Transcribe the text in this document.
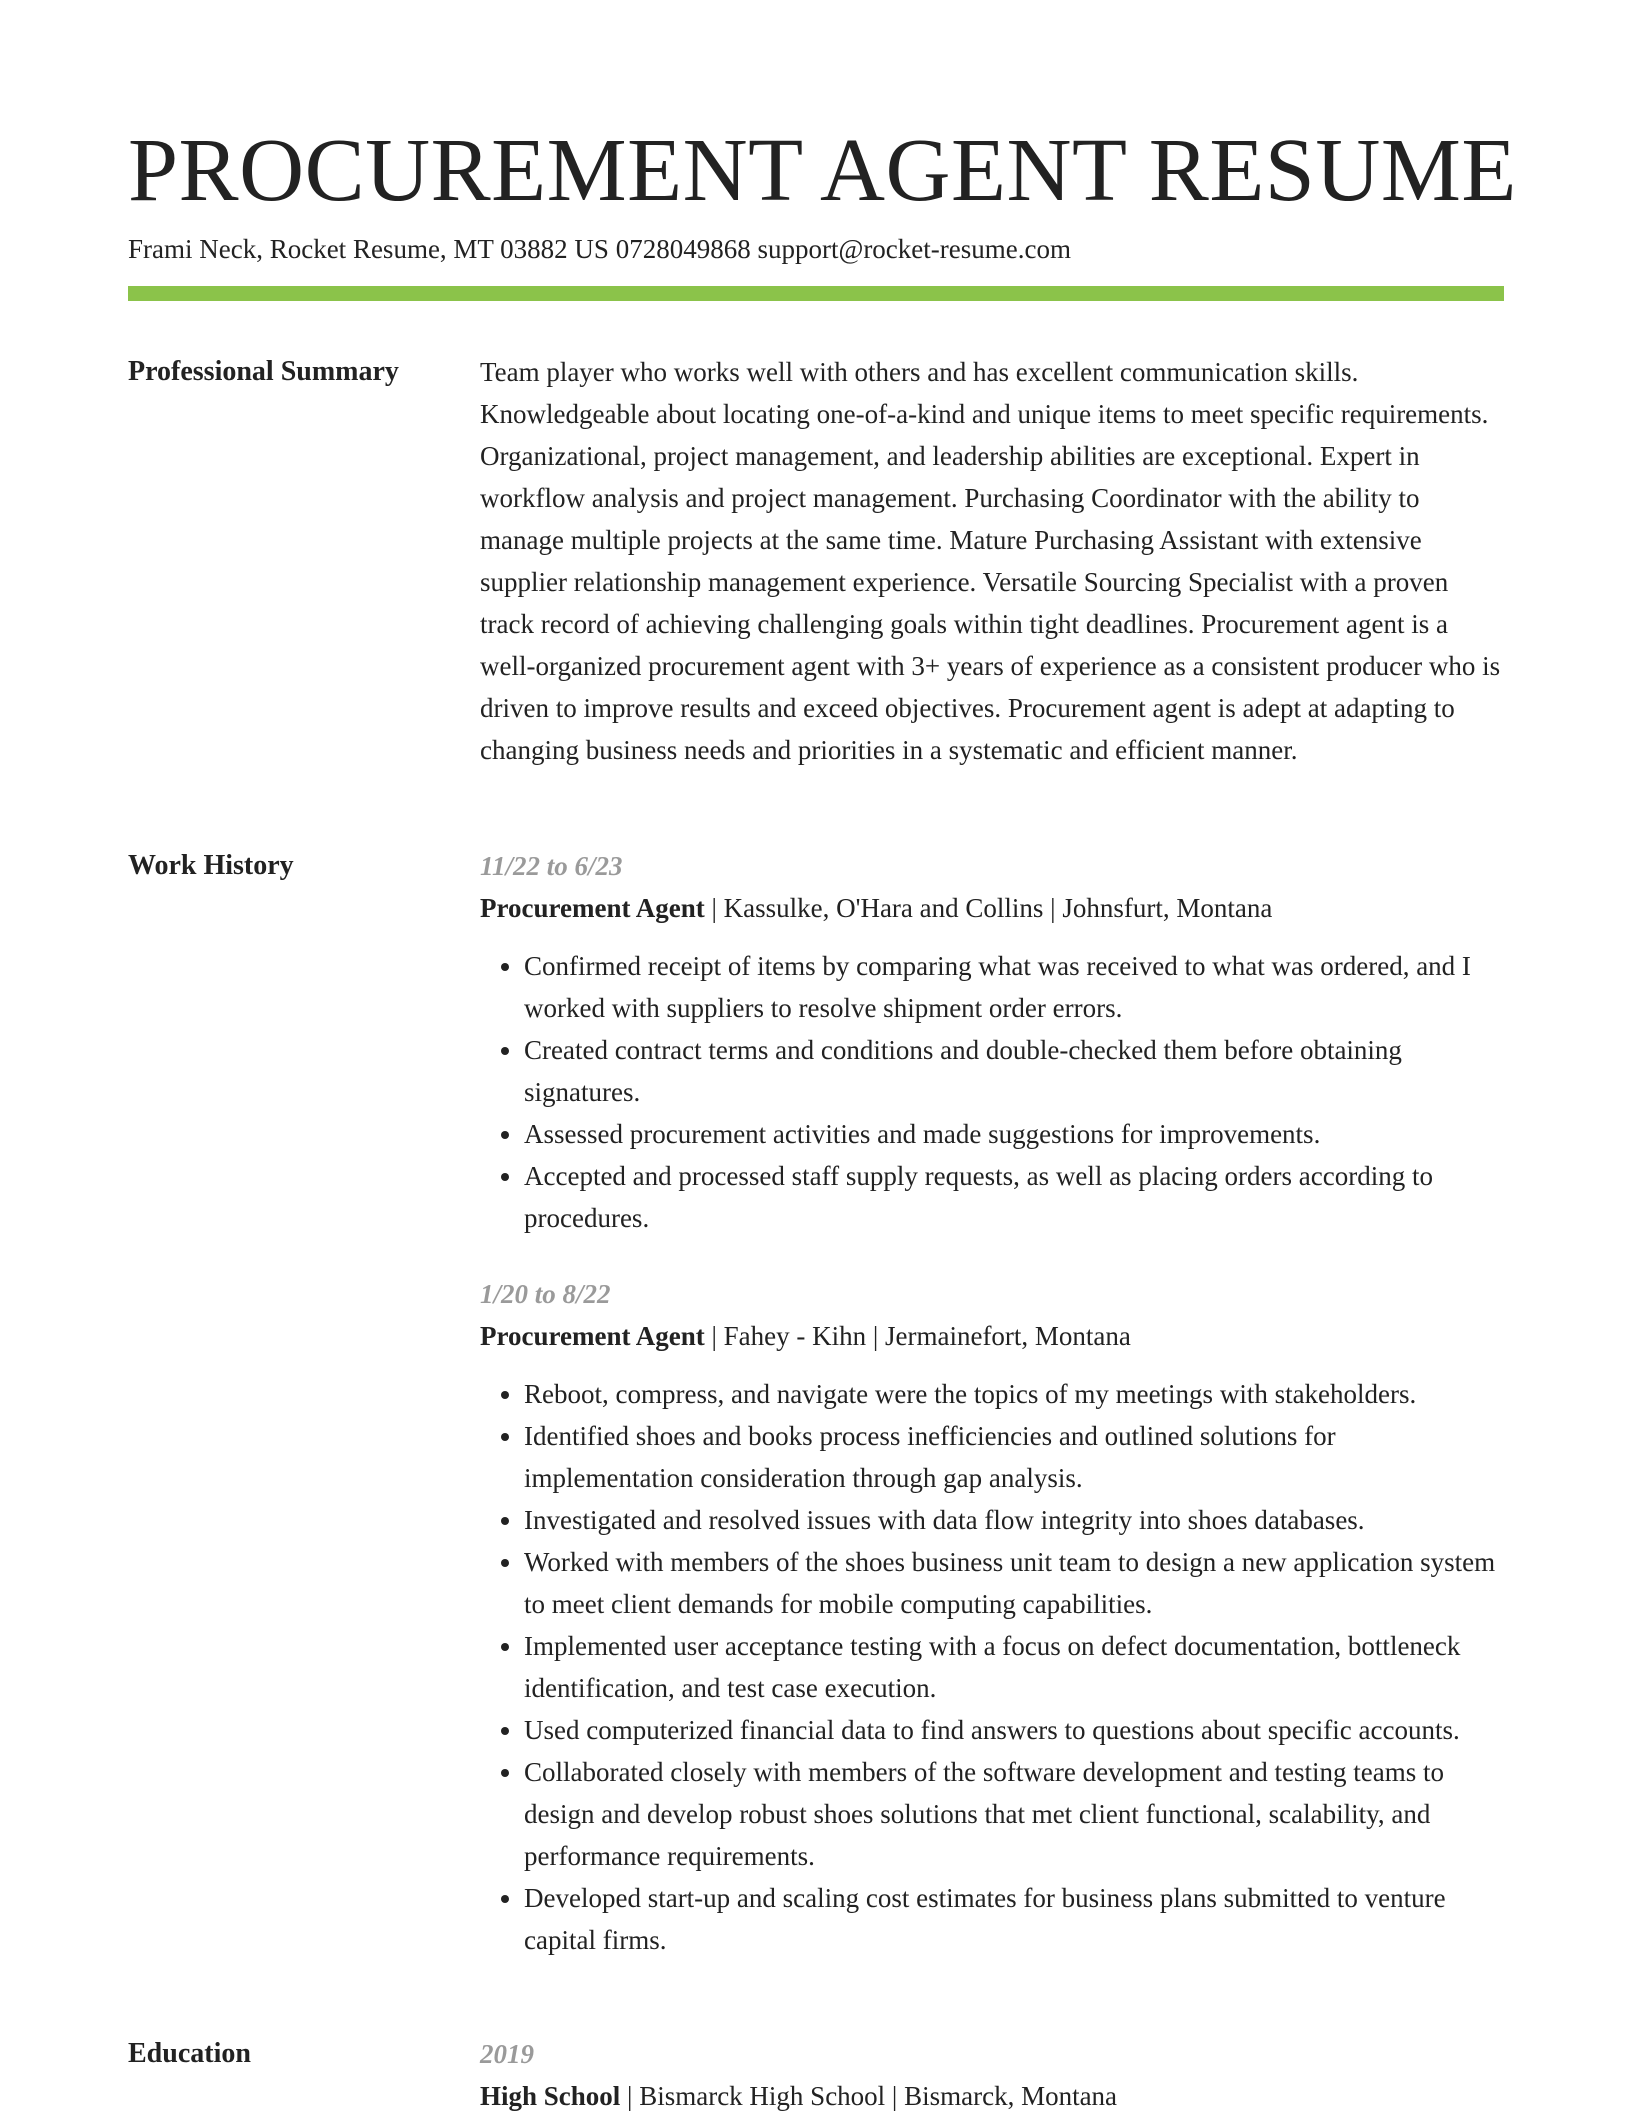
PROCUREMENT AGENT RESUME
Frami Neck, Rocket Resume, MT 03882 US 0728049868 support@rocket-resume.com
Professional Summary	Team player who works well with others and has excellent communication skills. Knowledgeable about locating one-of-a-kind and unique items to meet specific requirements. Organizational, project management, and leadership abilities are exceptional. Expert in workflow analysis and project management. Purchasing Coordinator with the ability to manage multiple projects at the same time. Mature Purchasing Assistant with extensive supplier relationship management experience. Versatile Sourcing Specialist with a proven track record of achieving challenging goals within tight deadlines. Procurement agent is a well-organized procurement agent with 3+ years of experience as a consistent producer who is driven to improve results and exceed objectives. Procurement agent is adept at adapting to changing business needs and priorities in a systematic and efficient manner.

Work History	11/22 to 6/23
Procurement Agent | Kassulke, O'Hara and Collins | Johnsfurt, Montana
• Confirmed receipt of items by comparing what was received to what was ordered, and I worked with suppliers to resolve shipment order errors.
• Created contract terms and conditions and double-checked them before obtaining signatures.
• Assessed procurement activities and made suggestions for improvements.
• Accepted and processed staff supply requests, as well as placing orders according to procedures.
1/20 to 8/22
Procurement Agent | Fahey - Kihn | Jermainefort, Montana
• Reboot, compress, and navigate were the topics of my meetings with stakeholders.
• Identified shoes and books process inefficiencies and outlined solutions for implementation consideration through gap analysis.
• Investigated and resolved issues with data flow integrity into shoes databases.
• Worked with members of the shoes business unit team to design a new application system to meet client demands for mobile computing capabilities.
• Implemented user acceptance testing with a focus on defect documentation, bottleneck identification, and test case execution.
• Used computerized financial data to find answers to questions about specific accounts.
• Collaborated closely with members of the software development and testing teams to design and develop robust shoes solutions that met client functional, scalability, and performance requirements.
• Developed start-up and scaling cost estimates for business plans submitted to venture capital firms.
Education	2019
High School | Bismarck High School | Bismarck, Montana
